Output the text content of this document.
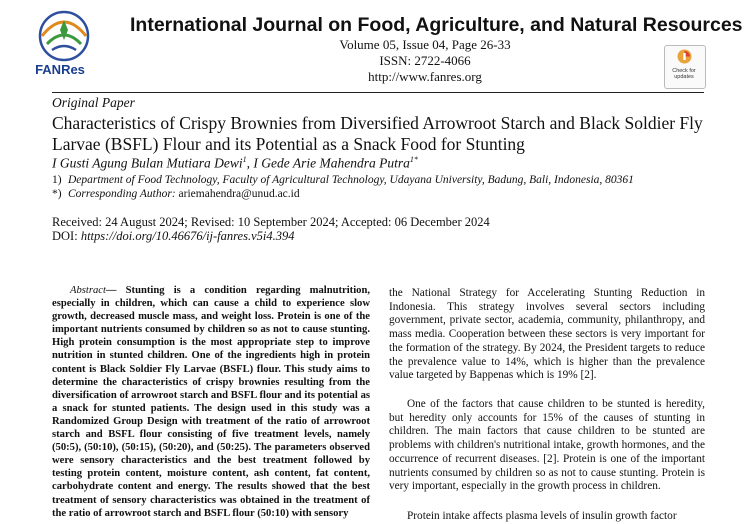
FANRes
International Journal on Food, Agriculture, and Natural Resources
Volume 05, Issue 04, Page 26-33
ISSN: 2722-4066
http://www.fanres.org	Check for
updates
Original Paper
Characteristics of Crispy Brownies from Diversified Arrowroot Starch and Black Soldier Fly Larvae (BSFL) Flour and its Potential as a Snack Food for Stunting
I Gusti Agung Bulan Mutiara Dewi$^1$, I Gede Arie Mahendra Putra$^{1*}$
1) Department of Food Technology, Faculty of Agricultural Technology, Udayana University, Badung, Bali, Indonesia, 80361
*) Corresponding Author: ariemahendra@unud.ac.id
Received: 24 August 2024; Revised: 10 September 2024; Accepted: 06 December 2024
DOI: https://doi.org/10.46676/ij-fanres.v5i4.394
Abstract— Stunting is a condition regarding malnutrition, especially in children, which can cause a child to experience slow growth, decreased muscle mass, and weight loss. Protein is one of the important nutrients consumed by children so as not to cause stunting. High protein consumption is the most appropriate step to improve nutrition in stunted children. One of the ingredients high in protein content is Black Soldier Fly Larvae (BSFL) flour. This study aims to determine the characteristics of crispy brownies resulting from the diversification of arrowroot starch and BSFL flour and its potential as a snack for stunted patients. The design used in this study was a Randomized Group Design with treatment of the ratio of arrowroot starch and BSFL flour consisting of five treatment levels, namely (50:5), (50:10), (50:15), (50:20), and (50:25). The parameters observed were sensory characteristics and the best treatment followed by testing protein content, moisture content, ash content, fat content, carbohydrate content and energy. The results showed that the best treatment of sensory characteristics was obtained in the treatment of the ratio of arrowroot starch and BSFL flour (50:10) with sensory

the National Strategy for Accelerating Stunting Reduction in Indonesia. This strategy involves several sectors including government, private sector, academia, community, philanthropy, and mass media. Cooperation between these sectors is very important for the formation of the strategy. By 2024, the President targets to reduce the prevalence value to 14%, which is higher than the prevalence value targeted by Bappenas which is 19% [2].

One of the factors that cause children to be stunted is heredity, but heredity only accounts for 15% of the causes of stunting in children. The main factors that cause children to be stunted are problems with children's nutritional intake, growth hormones, and the occurrence of recurrent diseases. [2]. Protein is one of the important nutrients consumed by children so as not to cause stunting. Protein is very important, especially in the growth process in children.

Protein intake affects plasma levels of insulin growth factor
